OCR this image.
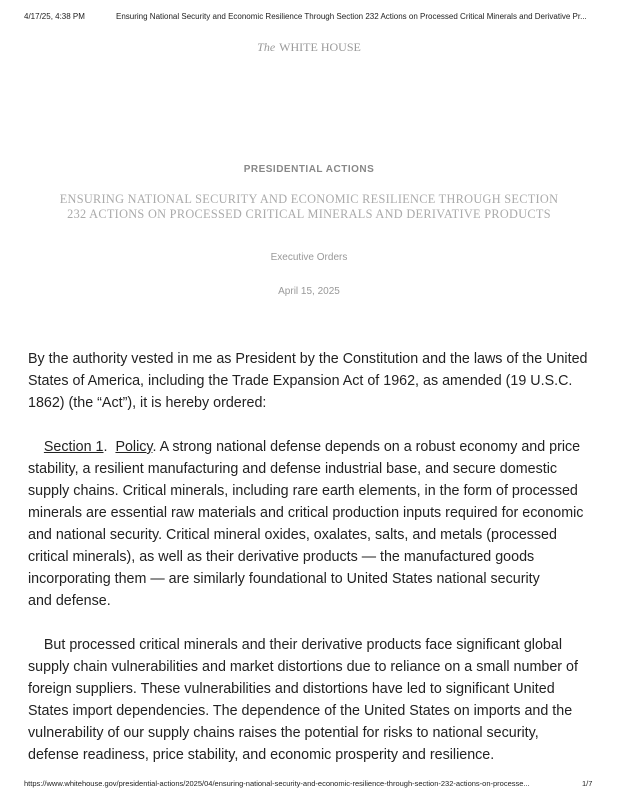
4/17/25, 4:38 PM	Ensuring National Security and Economic Resilience Through Section 232 Actions on Processed Critical Minerals and Derivative Pr...
The WHITE HOUSE
PRESIDENTIAL ACTIONS
ENSURING NATIONAL SECURITY AND ECONOMIC RESILIENCE THROUGH SECTION
232 ACTIONS ON PROCESSED CRITICAL MINERALS AND DERIVATIVE PRODUCTS
Executive Orders
April 15, 2025
By the authority vested in me as President by the Constitution and the laws of the United
States of America, including the Trade Expansion Act of 1962, as amended (19 U.S.C.
1862) (the “Act”), it is hereby ordered:
Section 1.  Policy. A strong national defense depends on a robust economy and price
stability, a resilient manufacturing and defense industrial base, and secure domestic
supply chains. Critical minerals, including rare earth elements, in the form of processed
minerals are essential raw materials and critical production inputs required for economic
and national security. Critical mineral oxides, oxalates, salts, and metals (processed
critical minerals), as well as their derivative products — the manufactured goods
incorporating them — are similarly foundational to United States national security
and defense.
But processed critical minerals and their derivative products face significant global
supply chain vulnerabilities and market distortions due to reliance on a small number of
foreign suppliers. These vulnerabilities and distortions have led to significant United
States import dependencies. The dependence of the United States on imports and the
vulnerability of our supply chains raises the potential for risks to national security,
defense readiness, price stability, and economic prosperity and resilience.
https://www.whitehouse.gov/presidential-actions/2025/04/ensuring-national-security-and-economic-resilience-through-section-232-actions-on-processe...	1/7
